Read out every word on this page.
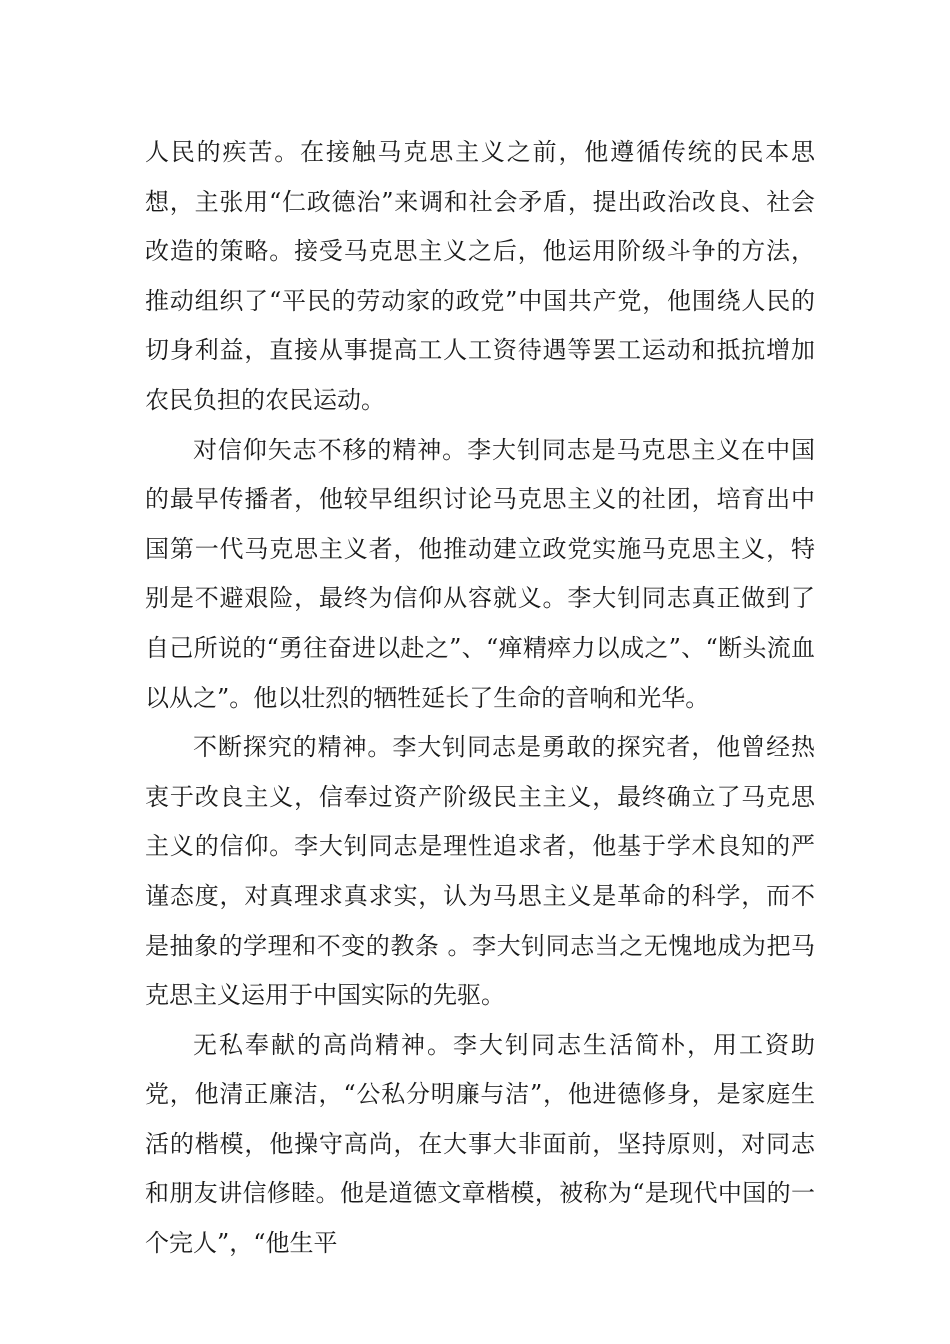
人民的疾苦。在接触马克思主义之前，他遵循传统的民本思想，主张用“仁政德治”来调和社会矛盾，提出政治改良、社会改造的策略。接受马克思主义之后，他运用阶级斗争的方法，推动组织了“平民的劳动家的政党”中国共产党，他围绕人民的切身利益，直接从事提高工人工资待遇等罢工运动和抵抗增加农民负担的农民运动。

对信仰矢志不移的精神。李大钊同志是马克思主义在中国的最早传播者，他较早组织讨论马克思主义的社团，培育出中国第一代马克思主义者，他推动建立政党实施马克思主义，特别是不避艰险，最终为信仰从容就义。李大钊同志真正做到了自己所说的“勇往奋进以赴之”、“瘅精瘁力以成之”、“断头流血以从之”。他以壮烈的牺牲延长了生命的音响和光华。

不断探究的精神。李大钊同志是勇敢的探究者，他曾经热衷于改良主义，信奉过资产阶级民主主义，最终确立了马克思主义的信仰。李大钊同志是理性追求者，他基于学术良知的严谨态度，对真理求真求实，认为马思主义是革命的科学，而不是抽象的学理和不变的教条 。李大钊同志当之无愧地成为把马克思主义运用于中国实际的先驱。

无私奉献的高尚精神。李大钊同志生活简朴，用工资助党，他清正廉洁，“公私分明廉与洁”，他进德修身，是家庭生活的楷模，他操守高尚，在大事大非面前，坚持原则，对同志和朋友讲信修睦。他是道德文章楷模，被称为“是现代中国的一个完人”，“他生平
